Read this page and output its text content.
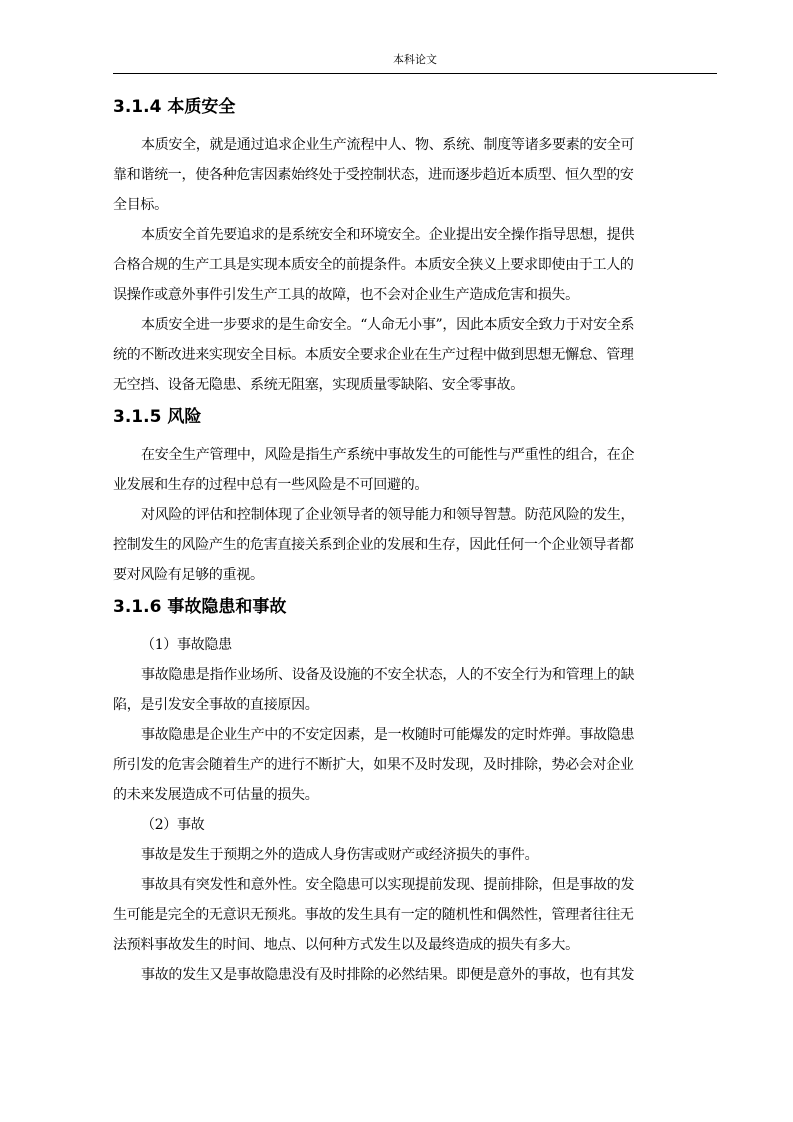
本科论文
3.1.4 本质安全

本质安全，就是通过追求企业生产流程中人、物、系统、制度等诸多要素的安全可

靠和谐统一，使各种危害因素始终处于受控制状态，进而逐步趋近本质型、恒久型的安

全目标。

本质安全首先要追求的是系统安全和环境安全。企业提出安全操作指导思想，提供

合格合规的生产工具是实现本质安全的前提条件。本质安全狭义上要求即使由于工人的

误操作或意外事件引发生产工具的故障，也不会对企业生产造成危害和损失。

本质安全进一步要求的是生命安全。“人命无小事”，因此本质安全致力于对安全系

统的不断改进来实现安全目标。本质安全要求企业在生产过程中做到思想无懈怠、管理

无空挡、设备无隐患、系统无阻塞，实现质量零缺陷、安全零事故。

3.1.5 风险

在安全生产管理中，风险是指生产系统中事故发生的可能性与严重性的组合，在企

业发展和生存的过程中总有一些风险是不可回避的。

对风险的评估和控制体现了企业领导者的领导能力和领导智慧。防范风险的发生，

控制发生的风险产生的危害直接关系到企业的发展和生存，因此任何一个企业领导者都

要对风险有足够的重视。

3.1.6 事故隐患和事故

（1）事故隐患

事故隐患是指作业场所、设备及设施的不安全状态，人的不安全行为和管理上的缺

陷，是引发安全事故的直接原因。

事故隐患是企业生产中的不安定因素，是一枚随时可能爆发的定时炸弹。事故隐患

所引发的危害会随着生产的进行不断扩大，如果不及时发现，及时排除，势必会对企业

的未来发展造成不可估量的损失。

（2）事故

事故是发生于预期之外的造成人身伤害或财产或经济损失的事件。

事故具有突发性和意外性。安全隐患可以实现提前发现、提前排除，但是事故的发

生可能是完全的无意识无预兆。事故的发生具有一定的随机性和偶然性，管理者往往无

法预料事故发生的时间、地点、以何种方式发生以及最终造成的损失有多大。

事故的发生又是事故隐患没有及时排除的必然结果。即便是意外的事故，也有其发
